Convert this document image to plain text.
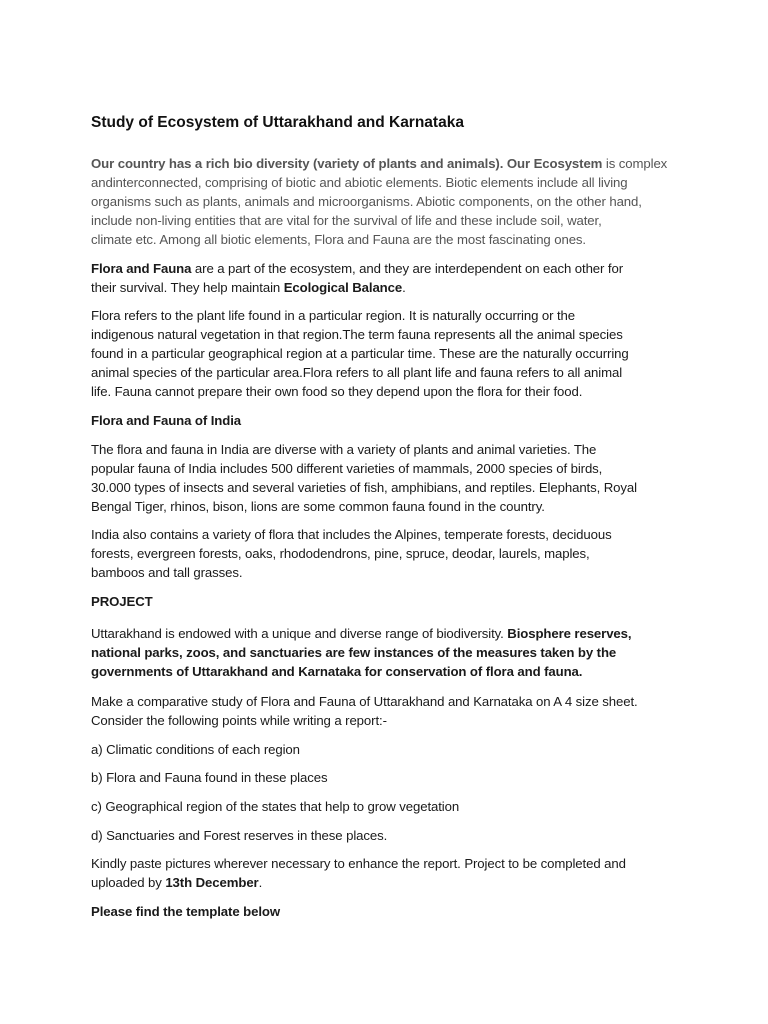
Study of Ecosystem of Uttarakhand and Karnataka
Our country has a rich bio diversity (variety of plants and animals). Our Ecosystem is complex
andinterconnected, comprising of biotic and abiotic elements. Biotic elements include all living
organisms such as plants, animals and microorganisms. Abiotic components, on the other hand,
include non-living entities that are vital for the survival of life and these include soil, water,
climate etc. Among all biotic elements, Flora and Fauna are the most fascinating ones.
Flora and Fauna are a part of the ecosystem, and they are interdependent on each other for
their survival. They help maintain Ecological Balance.
Flora refers to the plant life found in a particular region. It is naturally occurring or the
indigenous natural vegetation in that region.The term fauna represents all the animal species
found in a particular geographical region at a particular time. These are the naturally occurring
animal species of the particular area.Flora refers to all plant life and fauna refers to all animal
life. Fauna cannot prepare their own food so they depend upon the flora for their food.
Flora and Fauna of India
The flora and fauna in India are diverse with a variety of plants and animal varieties. The
popular fauna of India includes 500 different varieties of mammals, 2000 species of birds,
30.000 types of insects and several varieties of fish, amphibians, and reptiles. Elephants, Royal
Bengal Tiger, rhinos, bison, lions are some common fauna found in the country.
India also contains a variety of flora that includes the Alpines, temperate forests, deciduous
forests, evergreen forests, oaks, rhododendrons, pine, spruce, deodar, laurels, maples,
bamboos and tall grasses.
PROJECT
Uttarakhand is endowed with a unique and diverse range of biodiversity. Biosphere reserves,
national parks, zoos, and sanctuaries are few instances of the measures taken by the
governments of Uttarakhand and Karnataka for conservation of flora and fauna.
Make a comparative study of Flora and Fauna of Uttarakhand and Karnataka on A 4 size sheet.
Consider the following points while writing a report:-
a) Climatic conditions of each region
b) Flora and Fauna found in these places
c) Geographical region of the states that help to grow vegetation
d) Sanctuaries and Forest reserves in these places.
Kindly paste pictures wherever necessary to enhance the report. Project to be completed and
uploaded by 13th December.
Please find the template below
